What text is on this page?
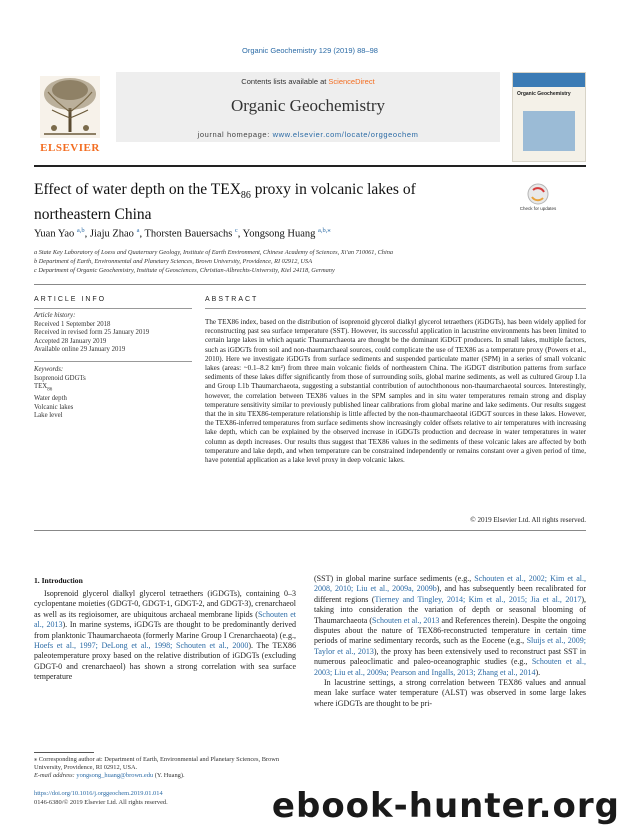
Organic Geochemistry 129 (2019) 88–98
ELSEVIER
Contents lists available at ScienceDirect
Organic Geochemistry
journal homepage: www.elsevier.com/locate/orggeochem
Organic Geochemistry
Effect of water depth on the $TEX_{86}$ proxy in volcanic lakes of northeastern China	Check for updates
Yuan Yao $^{a,b}$, Jiaju Zhao $^a$, Thorsten Bauersachs $^c$, Yongsong Huang $^{a,b,⁎}$
a State Key Laboratory of Loess and Quaternary Geology, Institute of Earth Environment, Chinese Academy of Sciences, Xi'an 710061, China
b Department of Earth, Environmental and Planetary Sciences, Brown University, Providence, RI 02912, USA
c Department of Organic Geochemistry, Institute of Geosciences, Christian-Albrechts-University, Kiel 24118, Germany
ARTICLE INFO
Article history:
Received 1 September 2018
Received in revised form 25 January 2019
Accepted 28 January 2019
Available online 29 January 2019
Keywords:
Isoprenoid GDGTs
$TEX_{86}$
Water depth
Volcanic lakes
Lake level
ABSTRACT
The TEX86 index, based on the distribution of isoprenoid glycerol dialkyl glycerol tetraethers (iGDGTs), has been widely applied for reconstructing past sea surface temperature (SST). However, its successful application in lacustrine environments has been limited to certain large lakes in which aquatic Thaumarchaeota are thought be the dominant iGDGT producers. In small lakes, multiple factors, such as iGDGTs from soil and non-thaumarchaeal sources, could complicate the use of TEX86 as a temperature proxy (Powers et al., 2010). Here we investigate iGDGTs from surface sediments and suspended particulate matter (SPM) in a series of small volcanic lakes (areas: ~0.1–8.2 km²) from three main volcanic fields of northeastern China. The iGDGT distribution patterns from surface sediments of these lakes differ significantly from those of surrounding soils, global marine sediments, as well as cultured Group I.1a and Group I.1b Thaumarchaeota, suggesting a substantial contribution of autochthonous non-thaumarchaeotal sources. Interestingly, however, the correlation between TEX86 values in the SPM samples and in situ water temperatures remain strong and display temperature sensitivity similar to previously published linear calibrations from global marine and lake sediments. Our results suggest that the in situ TEX86-temperature relationship is little affected by the non-thaumarchaeotal iGDGT sources in these lakes. However, the TEX86-inferred temperatures from surface sediments show increasingly colder offsets relative to air temperatures with increasing lake depth, which can be explained by the observed increase in iGDGTs production and decrease in water temperatures in water column as depth increases. Our results thus suggest that TEX86 values in the sediments of these volcanic lakes are affected by both temperature and lake depth, and when temperature can be constrained independently or remains constant over a given period of time, have potential application as a lake level proxy in deep volcanic lakes.
© 2019 Elsevier Ltd. All rights reserved.
1. Introduction
Isoprenoid glycerol dialkyl glycerol tetraethers (iGDGTs), containing 0–3 cyclopentane moieties (GDGT-0, GDGT-1, GDGT-2, and GDGT-3), crenarchaeol as well as its regioisomer, are ubiquitous archaeal membrane lipids (Schouten et al., 2013). In marine systems, iGDGTs are thought to be predominantly derived from planktonic Thaumarchaeota (formerly Marine Group I Crenarchaeota) (e.g., Hoefs et al., 1997; DeLong et al., 1998; Schouten et al., 2000). The TEX86 paleotemperature proxy based on the relative distribution of iGDGTs (excluding GDGT-0 and crenarchaeol) has shown a strong correlation with sea surface temperature
(SST) in global marine surface sediments (e.g., Schouten et al., 2002; Kim et al., 2008, 2010; Liu et al., 2009a, 2009b), and has subsequently been recalibrated for different regions (Tierney and Tingley, 2014; Kim et al., 2015; Jia et al., 2017), taking into consideration the variation of depth or seasonal blooming of Thaumarchaeota (Schouten et al., 2013 and References therein). Despite the ongoing disputes about the nature of TEX86-reconstructed temperature in certain time periods of marine sedimentary records, such as the Eocene (e.g., Sluijs et al., 2009; Taylor et al., 2013), the proxy has been extensively used to reconstruct past SST in numerous paleoclimatic and paleo-oceanographic studies (e.g., Schouten et al., 2003; Liu et al., 2009a; Pearson and Ingalls, 2013; Zhang et al., 2014).
In lacustrine settings, a strong correlation between TEX86 values and annual mean lake surface water temperature (ALST) was observed in some large lakes where iGDGTs are thought to be pri-
⁎ Corresponding author at: Department of Earth, Environmental and Planetary Sciences, Brown University, Providence, RI 02912, USA.
E-mail address: yongsong_huang@brown.edu (Y. Huang).
https://doi.org/10.1016/j.orggeochem.2019.01.014
0146-6380/© 2019 Elsevier Ltd. All rights reserved.	ebook-hunter.org
